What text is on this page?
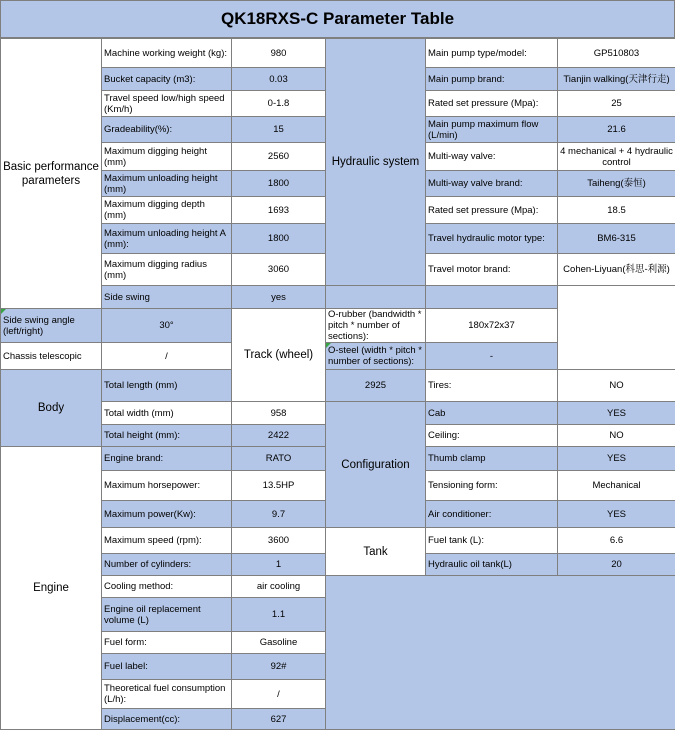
QK18RXS-C Parameter Table
Basic performance parameters	Machine working weight (kg):	980	Hydraulic system	Main pump type/model:	GP510803
	Bucket capacity (m3):	0.03		Main pump brand:	Tianjin walking(天津行走)
	Travel speed low/high speed (Km/h)	0-1.8		Rated set pressure (Mpa):	25
	Gradeability(%):	15		Main pump maximum flow (L/min)	21.6
	Maximum digging height (mm)	2560		Multi-way valve:	4 mechanical + 4 hydraulic control

	Maximum unloading height (mm)	1800		Multi-way valve brand:	Taiheng(泰恒)
	Maximum digging depth (mm)	1693		Rated set pressure (Mpa):	18.5
	Maximum unloading height A (mm):	1800		Travel hydraulic motor type:	BM6-315
	Maximum digging radius (mm)	3060		Travel motor brand:	Cohen-Liyuan(科思-利源)
	Side swing	yes			

Side swing angle (left/right)	30°	Track (wheel)	O-rubber (bandwidth * pitch * number of sections):	180x72x37	
Chassis telescopic	/		O-steel (width * pitch * number of sections):	-	
Body	Total length (mm)		2925	Tires:	NO
	Total width (mm)	958	Configuration	Cab	YES
	Total height (mm):	2422		Ceiling:	NO
Engine	Engine brand:	RATO		Thumb clamp	YES
	Maximum horsepower:	13.5HP		Tensioning form:	Mechanical
	Maximum power(Kw):	9.7		Air conditioner:	YES
	Maximum speed (rpm):	3600	Tank	Fuel tank (L):	6.6
	Number of cylinders:	1		Hydraulic oil tank(L)	20
	Cooling method:	air cooling			
	Engine oil replacement volume (L)	1.1			
	Fuel form:	Gasoline			
	Fuel label:	92#			
	Theoretical fuel consumption (L/h):	/			
	Displacement(cc):	627			
